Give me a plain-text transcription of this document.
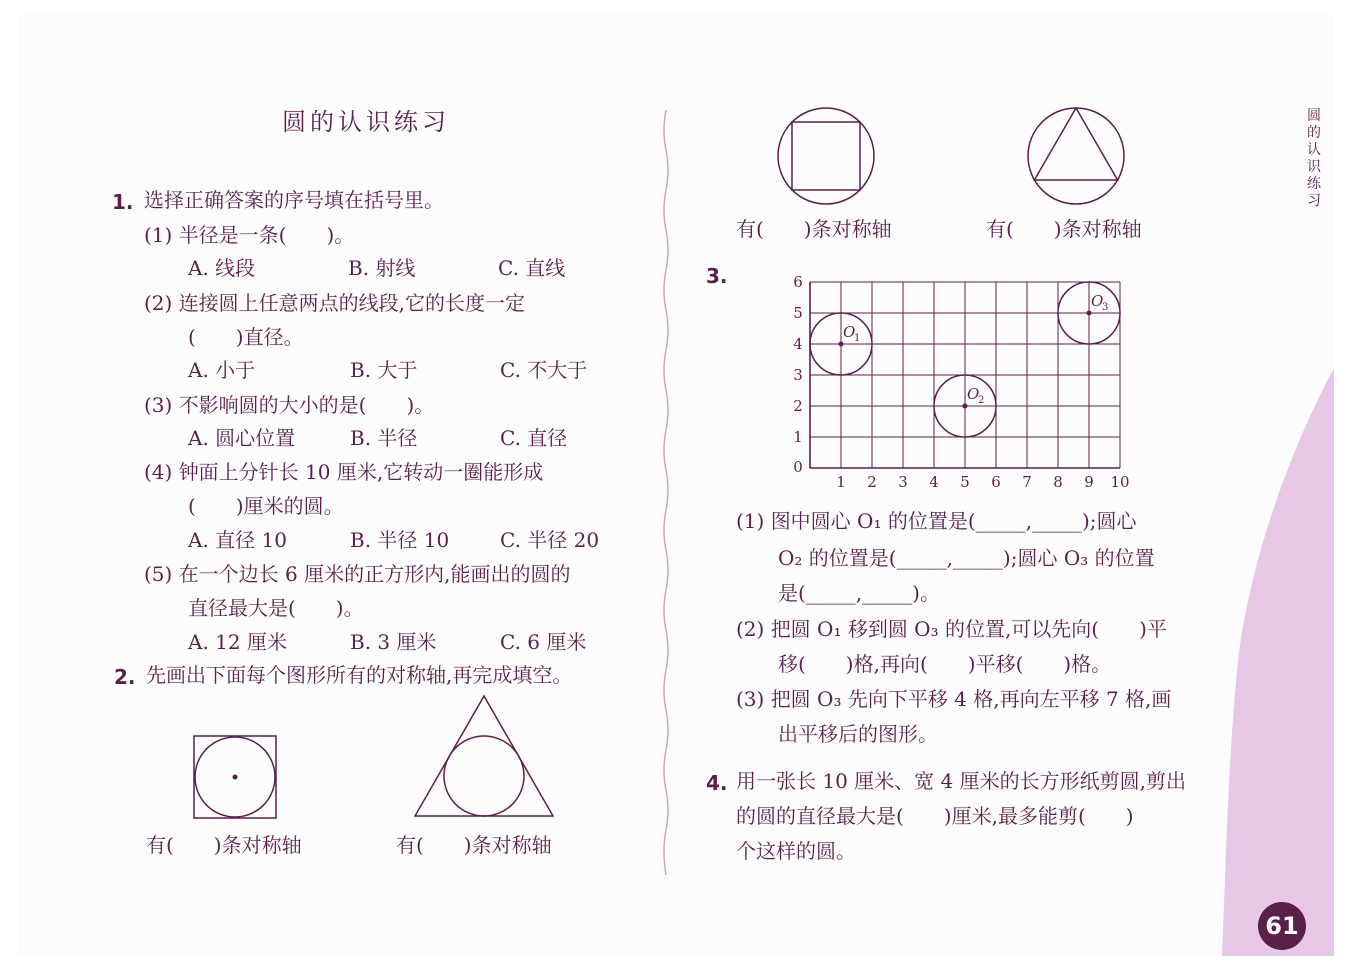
圆的认识练习
1. 选择正确答案的序号填在括号里。
(1) 半径是一条(　　)。
A. 线段	B. 射线	C. 直线
(2) 连接圆上任意两点的线段,它的长度一定
(　　)直径。
A. 小于	B. 大于	C. 不大于
(3) 不影响圆的大小的是(　　)。
A. 圆心位置	B. 半径	C. 直径
(4) 钟面上分针长 10 厘米,它转动一圈能形成
(　　)厘米的圆。
A. 直径 10	B. 半径 10	C. 半径 20
(5) 在一个边长 6 厘米的正方形内,能画出的圆的
直径最大是(　　)。
A. 12 厘米	B. 3 厘米	C. 6 厘米
2. 先画出下面每个图形所有的对称轴,再完成填空。
有(　　)条对称轴	有(　　)条对称轴
有(　　)条对称轴	有(　　)条对称轴
3.
0
1 2 3 4 5 6 7 8 9 10
1
2
3
4
5
6
O
1
O
2
O
3
(1) 图中圆心 O₁ 的位置是(_____,_____);圆心
O₂ 的位置是(_____,_____);圆心 O₃ 的位置
是(_____,_____)。
(2) 把圆 O₁ 移到圆 O₃ 的位置,可以先向(　　)平
移(　　)格,再向(　　)平移(　　)格。
(3) 把圆 O₃ 先向下平移 4 格,再向左平移 7 格,画
出平移后的图形。
4. 用一张长 10 厘米、宽 4 厘米的长方形纸剪圆,剪出
的圆的直径最大是(　　)厘米,最多能剪(　　)
个这样的圆。
圆的认识练习
61
